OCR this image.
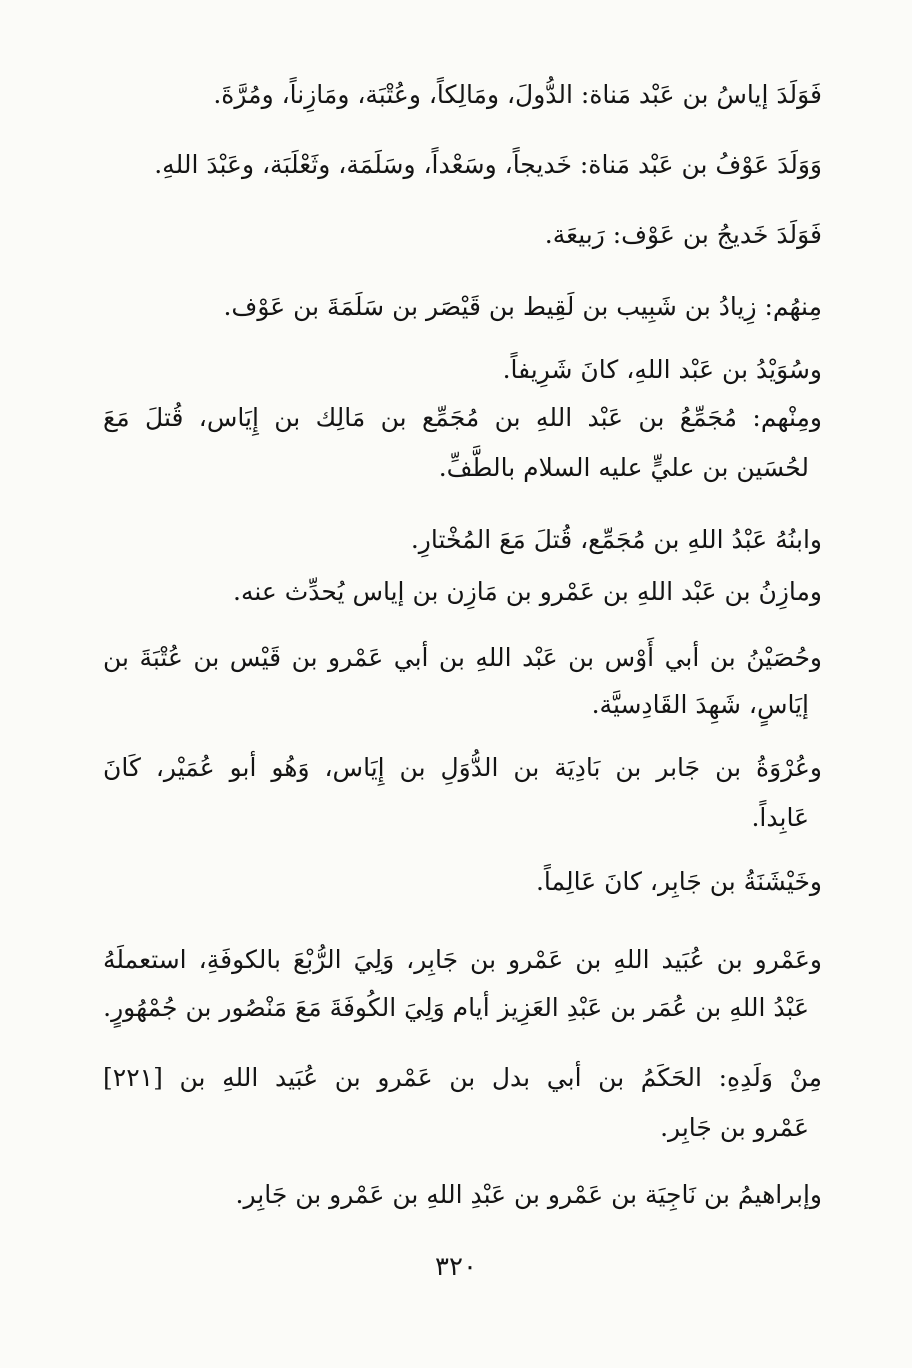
فَوَلَدَ إياسُ بن عَبْد مَناة: الدُّولَ، ومَالِكاً، وعُتْبَة، ومَازِناً، ومُرَّةَ.
وَوَلَدَ عَوْفُ بن عَبْد مَناة: خَديجاً، وسَعْداً، وسَلَمَة، وثَعْلَبَة، وعَبْدَ اللهِ.
فَوَلَدَ خَديجُ بن عَوْف: رَبيعَة.
مِنهُم: زِيادُ بن شَبِيب بن لَقِيط بن قَيْصَر بن سَلَمَةَ بن عَوْف.
وسُوَيْدُ بن عَبْد اللهِ، كانَ شَرِيفاً.
ومِنْهم: مُجَمِّعُ بن عَبْد اللهِ بن مُجَمِّع بن مَالِك بن إِيَاس، قُتلَ مَعَ
لحُسَين بن عليٍّ عليه السلام بالطَّفِّ.
وابنُهُ عَبْدُ اللهِ بن مُجَمِّع، قُتلَ مَعَ المُخْتارِ.
ومازِنُ بن عَبْد اللهِ بن عَمْرو بن مَازِن بن إياس يُحدِّث عنه.
وحُصَيْنُ بن أبي أَوْس بن عَبْد اللهِ بن أبي عَمْرو بن قَيْس بن عُتْبَةَ بن
إيَاسٍ، شَهِدَ القَادِسيَّة.
وعُرْوَةُ بن جَابر بن بَادِيَة بن الدُّوَلِ بن إِيَاس، وَهُو أبو عُمَيْر، كَانَ
عَابِداً.
وخَيْشَنَةُ بن جَابِر، كانَ عَالِماً.
وعَمْرو بن عُبَيد اللهِ بن عَمْرو بن جَابِر، وَلِيَ الرُّبْعَ بالكوفَةِ، استعملَهُ
عَبْدُ اللهِ بن عُمَر بن عَبْدِ العَزِيز أيام وَلِيَ الكُوفَةَ مَعَ مَنْصُور بن جُمْهُورٍ.
مِنْ وَلَدِهِ: الحَكَمُ بن أبي بدل بن عَمْرو بن عُبَيد اللهِ بن [٢٢١]
عَمْرو بن جَابِر.
وإبراهيمُ بن نَاجِيَة بن عَمْرو بن عَبْدِ اللهِ بن عَمْرو بن جَابِر.
٣٢٠
